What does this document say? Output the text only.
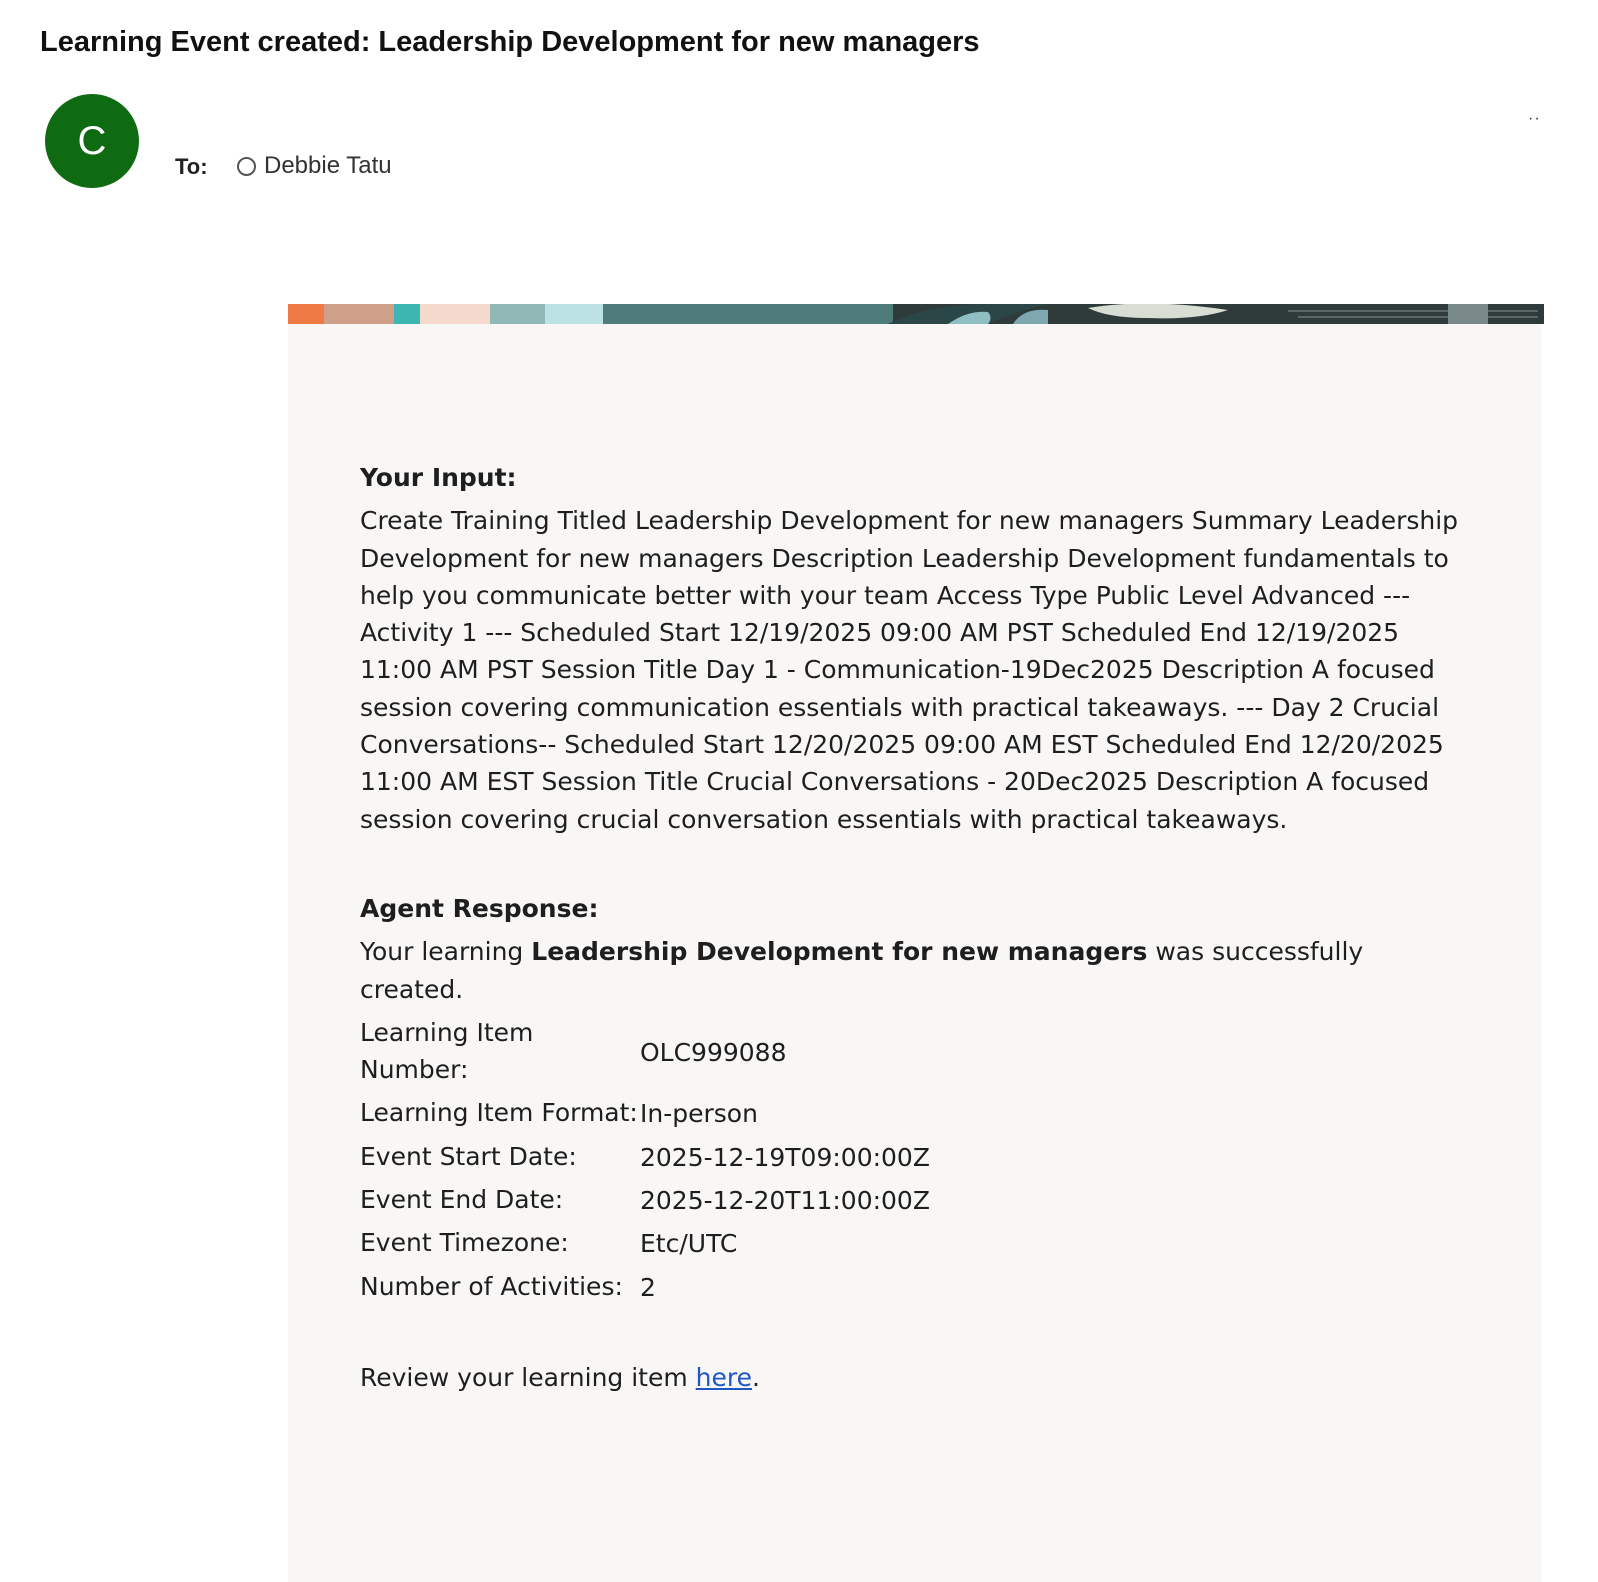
Learning Event created: Leadership Development for new managers
C
To: Debbie Tatu
··

Your Input:

Create Training Titled Leadership Development for new managers Summary Leadership Development for new managers Description Leadership Development fundamentals to help you communicate better with your team Access Type Public Level Advanced --- Activity 1 --- Scheduled Start 12/19/2025 09:00 AM PST Scheduled End 12/19/2025 11:00 AM PST Session Title Day 1 - Communication-19Dec2025 Description A focused session covering communication essentials with practical takeaways. --- Day 2 Crucial Conversations-- Scheduled Start 12/20/2025 09:00 AM EST Scheduled End 12/20/2025 11:00 AM EST Session Title Crucial Conversations - 20Dec2025 Description A focused session covering crucial conversation essentials with practical takeaways.

Agent Response:

Your learning Leadership Development for new managers was successfully created.

Learning Item Number:	OLC999088
Learning Item Format:	In-person
Event Start Date:	2025-12-19T09:00:00Z
Event End Date:	2025-12-20T11:00:00Z
Event Timezone:	Etc/UTC
Number of Activities:	2

Review your learning item here.
